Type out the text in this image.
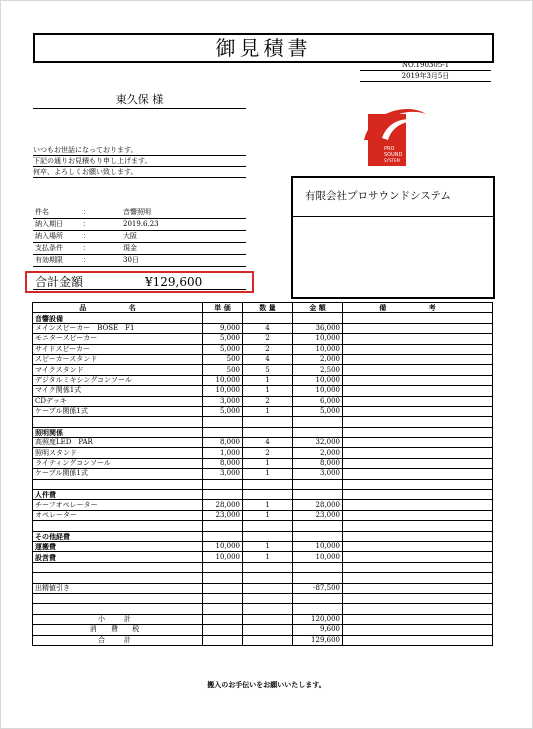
御見積書
NO.190305-1
2019年3月5日
東久保 様
いつもお世話になっております。
下記の通りお見積もり申し上げます。
何卒、よろしくお願い致します。
件名	：	音響照明
納入期日	：	2019.6.23
納入場所	：	大阪
支払条件	：	現金
有効期限	：	30日
合計金額	¥129,600
PRO
SOUND
SYSTEM
有限会社プロサウンドシステム
品 名	単 価	数 量	金 額	備 考
音響設備				
メインスピーカー　BOSE　F1	9,000	4	36,000	
モニタースピーカー	5,000	2	10,000	
サイドスピーカー	5,000	2	10,000	
スピーカースタンド	500	4	2,000	
マイクスタンド	500	5	2,500	
デジタルミキシングコンソール	10,000	1	10,000	
マイク関係1式	10,000	1	10,000	
CDデッキ	3,000	2	6,000	
ケーブル関係1式	5,000	1	5,000	

照明関係				
高照度LED　PAR	8,000	4	32,000	
照明スタンド	1,000	2	2,000	
ライティングコンソール	8,000	1	8,000	
ケーブル関係1式	3,000	1	3,000	

人件費				
チーフオペレーター	28,000	1	28,000	
オペレーター	23,000	1	23,000	

その他経費				
運搬費	10,000	1	10,000	
設営費	10,000	1	10,000	

出精値引き			-87,500	

小　計			120,000	
消 費 税			9,600	
合　計			129,600	
搬入のお手伝いをお願いいたします。
